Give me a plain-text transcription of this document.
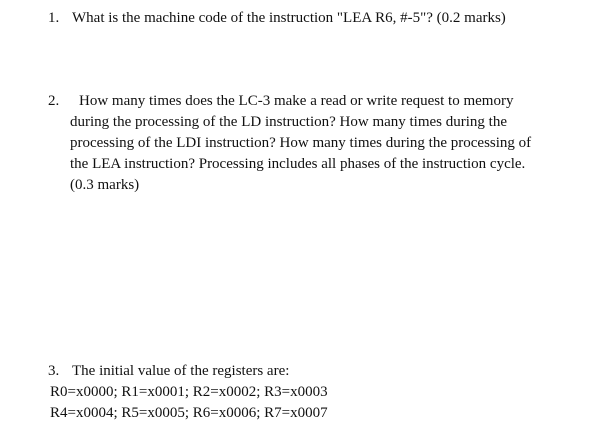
1. What is the machine code of the instruction "LEA R6, #-5"? (0.2 marks)
2. How many times does the LC-3 make a read or write request to memory
during the processing of the LD instruction? How many times during the
processing of the LDI instruction? How many times during the processing of
the LEA instruction? Processing includes all phases of the instruction cycle.
(0.3 marks)
3. The initial value of the registers are:
R0=x0000; R1=x0001; R2=x0002; R3=x0003
R4=x0004; R5=x0005; R6=x0006; R7=x0007
